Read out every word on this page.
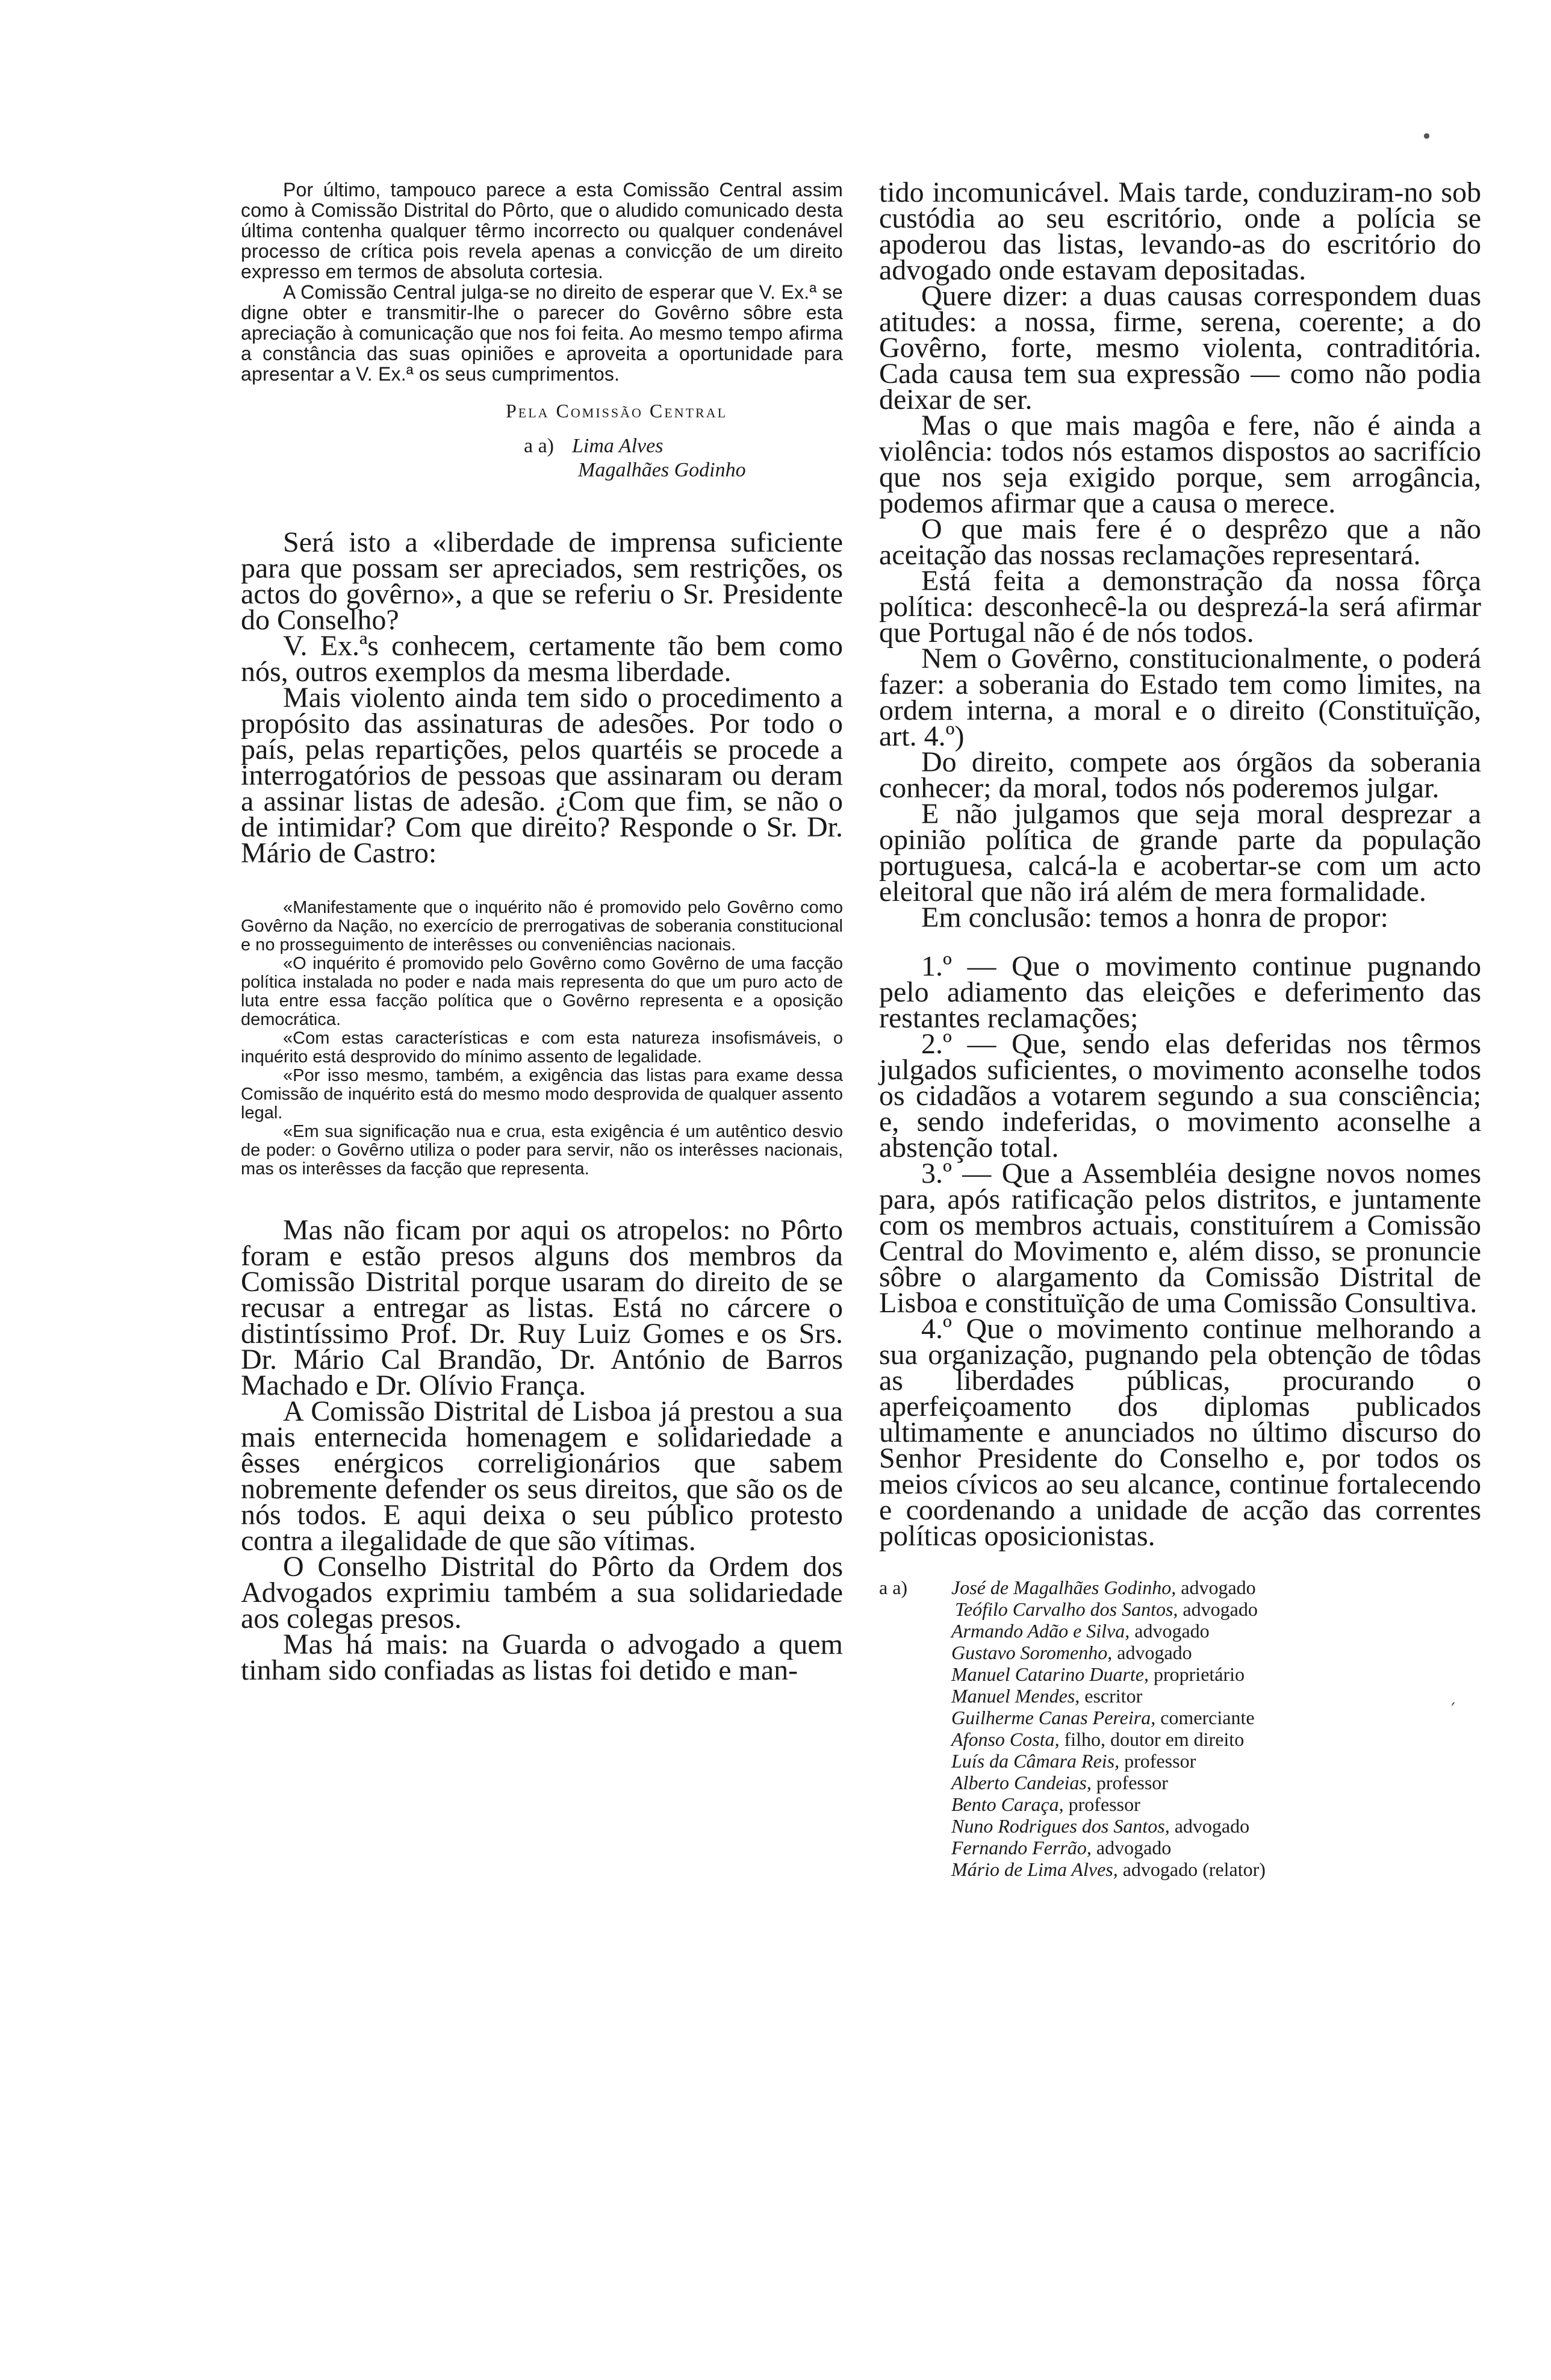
•
′

Por último, tampouco parece a esta Comissão Central assim como à Comissão Distrital do Pôrto, que o aludido comunicado desta última contenha qualquer têrmo incorrecto ou qualquer condenável processo de crítica pois revela apenas a convicção de um direito expresso em termos de absoluta cortesia.

A Comissão Central julga-se no direito de esperar que V. Ex.ª se digne obter e transmitir-lhe o parecer do Govêrno sôbre esta apreciação à comunicação que nos foi feita. Ao mesmo tempo afirma a constância das suas opiniões e aproveita a oportunidade para apresentar a V. Ex.ª os seus cumprimentos.

Pela Comissão Central
a a) Lima Alves
Magalhães Godinho

Será isto a «liberdade de imprensa suficiente para que possam ser apreciados, sem restrições, os actos do govêrno», a que se referiu o Sr. Presidente do Conselho?

V. Ex.ªs conhecem, certamente tão bem como nós, outros exemplos da mesma liberdade.

Mais violento ainda tem sido o procedimento a propósito das assinaturas de adesões. Por todo o país, pelas repartições, pelos quartéis se procede a interrogatórios de pessoas que assinaram ou deram a assinar listas de adesão. ¿Com que fim, se não o de intimidar? Com que direito? Responde o Sr. Dr. Mário de Castro:

«Manifestamente que o inquérito não é promovido pelo Govêrno como Govêrno da Nação, no exercício de prerrogativas de soberania constitucional e no prosseguimento de interêsses ou conveniências nacionais.

«O inquérito é promovido pelo Govêrno como Govêrno de uma facção política instalada no poder e nada mais representa do que um puro acto de luta entre essa facção política que o Govêrno representa e a oposição democrática.

«Com estas características e com esta natureza insofismáveis, o inquérito está desprovido do mínimo assento de legalidade.

«Por isso mesmo, também, a exigência das listas para exame dessa Comissão de inquérito está do mesmo modo desprovida de qualquer assento legal.

«Em sua significação nua e crua, esta exigência é um autêntico desvio de poder: o Govêrno utiliza o poder para servir, não os interêsses nacionais, mas os interêsses da facção que representa.

Mas não ficam por aqui os atropelos: no Pôrto foram e estão presos alguns dos membros da Comissão Distrital porque usaram do direito de se recusar a entregar as listas. Está no cárcere o distintíssimo Prof. Dr. Ruy Luiz Gomes e os Srs. Dr. Mário Cal Brandão, Dr. António de Barros Machado e Dr. Olívio França.

A Comissão Distrital de Lisboa já prestou a sua mais enternecida homenagem e solidariedade a êsses enérgicos correligionários que sabem nobremente defender os seus direitos, que são os de nós todos. E aqui deixa o seu público protesto contra a ilegalidade de que são vítimas.

O Conselho Distrital do Pôrto da Ordem dos Advogados exprimiu também a sua solidariedade aos colegas presos.

Mas há mais: na Guarda o advogado a quem tinham sido confiadas as listas foi detido e man-

tido incomunicável. Mais tarde, conduziram-no sob custódia ao seu escritório, onde a polícia se apoderou das listas, levando-as do escritório do advogado onde estavam depositadas.

Quere dizer: a duas causas correspondem duas atitudes: a nossa, firme, serena, coerente; a do Govêrno, forte, mesmo violenta, contraditória. Cada causa tem sua expressão — como não podia deixar de ser.

Mas o que mais magôa e fere, não é ainda a violência: todos nós estamos dispostos ao sacrifício que nos seja exigido porque, sem arrogância, podemos afirmar que a causa o merece.

O que mais fere é o desprêzo que a não aceitação das nossas reclamações representará.

Está feita a demonstração da nossa fôrça política: desconhecê-la ou desprezá-la será afirmar que Portugal não é de nós todos.

Nem o Govêrno, constitucionalmente, o poderá fazer: a soberania do Estado tem como limites, na ordem interna, a moral e o direito (Constituïção, art. 4.º)

Do direito, compete aos órgãos da soberania conhecer; da moral, todos nós poderemos julgar.

E não julgamos que seja moral desprezar a opinião política de grande parte da população portuguesa, calcá-la e acobertar-se com um acto eleitoral que não irá além de mera formalidade.

Em conclusão: temos a honra de propor:

1.º — Que o movimento continue pugnando pelo adiamento das eleições e deferimento das restantes reclamações;

2.º — Que, sendo elas deferidas nos têrmos julgados suficientes, o movimento aconselhe todos os cidadãos a votarem segundo a sua consciência; e, sendo indeferidas, o movimento aconselhe a abstenção total.

3.º — Que a Assembléia designe novos nomes para, após ratificação pelos distritos, e juntamente com os membros actuais, constituírem a Comissão Central do Movimento e, além disso, se pronuncie sôbre o alargamento da Comissão Distrital de Lisboa e constituïção de uma Comissão Consultiva.

4.º Que o movimento continue melhorando a sua organização, pugnando pela obtenção de tôdas as liberdades públicas, procurando o aperfeiçoamento dos diplomas publicados ultimamente e anunciados no último discurso do Senhor Presidente do Conselho e, por todos os meios cívicos ao seu alcance, continue fortalecendo e coordenando a unidade de acção das correntes políticas oposicionistas.

a a) José de Magalhães Godinho, advogado
Teófilo Carvalho dos Santos, advogado
Armando Adão e Silva, advogado
Gustavo Soromenho, advogado
Manuel Catarino Duarte, proprietário
Manuel Mendes, escritor
Guilherme Canas Pereira, comerciante
Afonso Costa, filho, doutor em direito
Luís da Câmara Reis, professor
Alberto Candeias, professor
Bento Caraça, professor
Nuno Rodrigues dos Santos, advogado
Fernando Ferrão, advogado
Mário de Lima Alves, advogado (relator)
